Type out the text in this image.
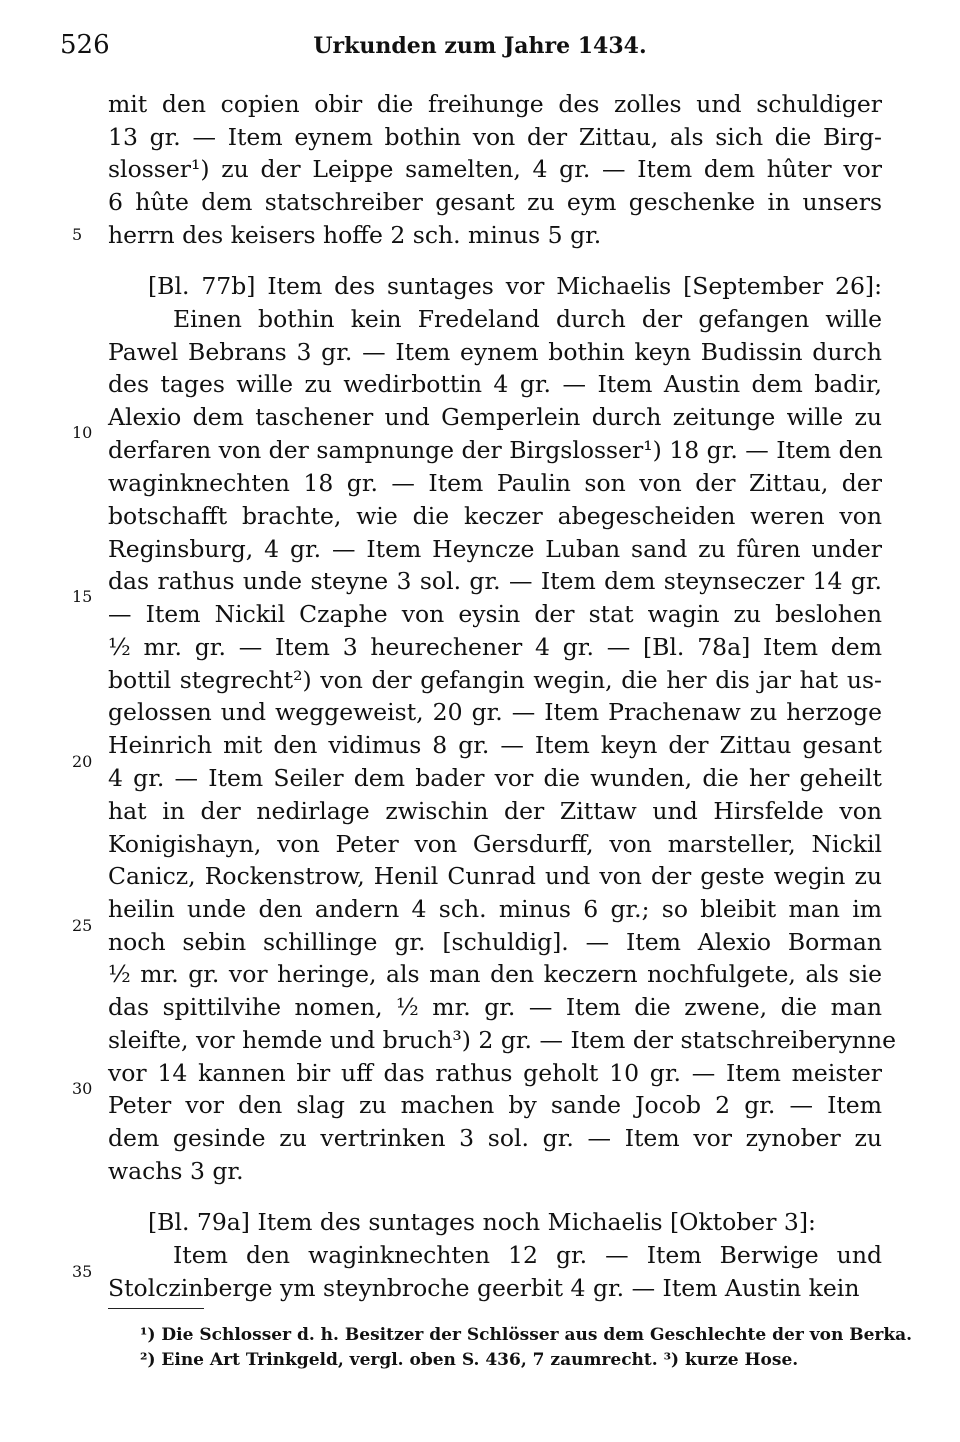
526	Urkunden zum Jahre 1434.
mit den copien obir die freihunge des zolles und schuldiger
13 gr. — Item eynem bothin von der Zittau, als sich die Birg-
slosser¹) zu der Leippe samelten, 4 gr. — Item dem hûter vor
6 hûte dem statschreiber gesant zu eym geschenke in unsers
herrn des keisers hoffe 2 sch. minus 5 gr.
[Bl. 77b] Item des suntages vor Michaelis [September 26]:
Einen bothin kein Fredeland durch der gefangen wille
Pawel Bebrans 3 gr. — Item eynem bothin keyn Budissin durch
des tages wille zu wedirbottin 4 gr. — Item Austin dem badir,
Alexio dem taschener und Gemperlein durch zeitunge wille zu
derfaren von der sampnunge der Birgslosser¹) 18 gr. — Item den
waginknechten 18 gr. — Item Paulin son von der Zittau, der
botschafft brachte, wie die keczer abegescheiden weren von
Reginsburg, 4 gr. — Item Heyncze Luban sand zu fûren under
das rathus unde steyne 3 sol. gr. — Item dem steynseczer 14 gr.
— Item Nickil Czaphe von eysin der stat wagin zu beslohen
½ mr. gr. — Item 3 heurechener 4 gr. — [Bl. 78a] Item dem
bottil stegrecht²) von der gefangin wegin, die her dis jar hat us-
gelossen und weggeweist, 20 gr. — Item Prachenaw zu herzoge
Heinrich mit den vidimus 8 gr. — Item keyn der Zittau gesant
4 gr. — Item Seiler dem bader vor die wunden, die her geheilt
hat in der nedirlage zwischin der Zittaw und Hirsfelde von
Konigishayn, von Peter von Gersdurff, von marsteller, Nickil
Canicz, Rockenstrow, Henil Cunrad und von der geste wegin zu
heilin unde den andern 4 sch. minus 6 gr.; so bleibit man im
noch sebin schillinge gr. [schuldig]. — Item Alexio Borman
½ mr. gr. vor heringe, als man den keczern nochfulgete, als sie
das spittilvihe nomen, ½ mr. gr. — Item die zwene, die man
sleifte, vor hemde und bruch³) 2 gr. — Item der statschreiberynne
vor 14 kannen bir uff das rathus geholt 10 gr. — Item meister
Peter vor den slag zu machen by sande Jocob 2 gr. — Item
dem gesinde zu vertrinken 3 sol. gr. — Item vor zynober zu
wachs 3 gr.
[Bl. 79a] Item des suntages noch Michaelis [Oktober 3]:
Item den waginknechten 12 gr. — Item Berwige und
Stolczinberge ym steynbroche geerbit 4 gr. — Item Austin kein
5
10
15
20
25
30
35
¹) Die Schlosser d. h. Besitzer der Schlösser aus dem Geschlechte der von Berka.
²) Eine Art Trinkgeld, vergl. oben S. 436, 7 zaumrecht. ³) kurze Hose.
